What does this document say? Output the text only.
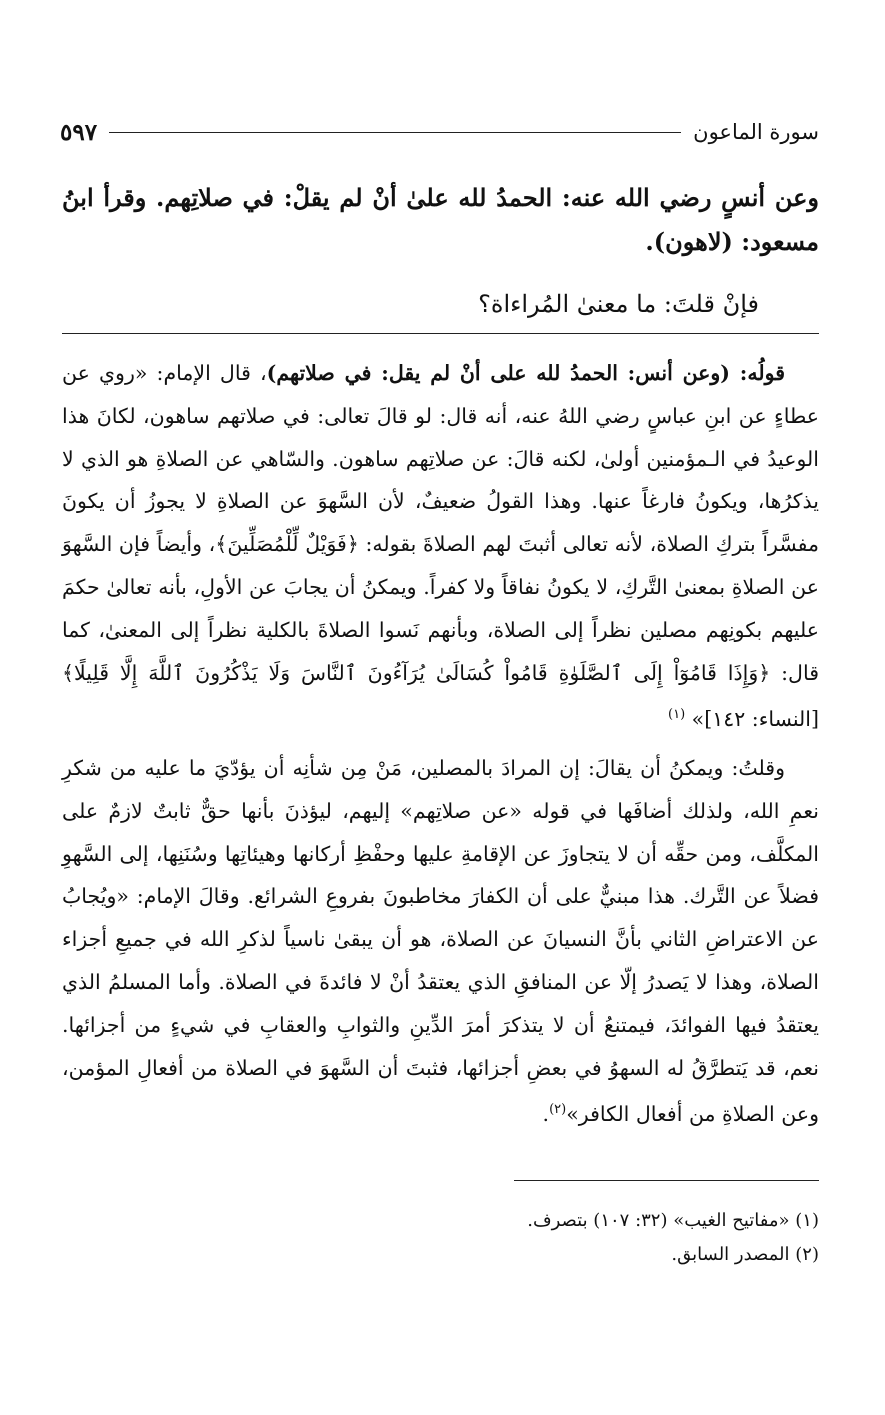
سورة الماعون
٥٩٧

وعن أنسٍ رضي الله عنه: الحمدُ لله علىٰ أنْ لم يقلْ: في صلاتِهم. وقرأ ابنُ مسعود: (لاهون).

فإنْ قلتَ: ما معنىٰ المُراءاة؟

قولُه: (وعن أنس: الحمدُ لله على أنْ لم يقل: في صلاتهم)، قال الإمام: «روي عن عطاءٍ عن ابنِ عباسٍ رضي اللهُ عنه، أنه قال: لو قالَ تعالى: في صلاتهم ساهون، لكانَ هذا الوعيدُ في الـمؤمنين أولىٰ، لكنه قالَ: عن صلاتِهم ساهون. والسّاهي عن الصلاةِ هو الذي لا يذكرُها، ويكونُ فارغاً عنها. وهذا القولُ ضعيفٌ، لأن السَّهوَ عن الصلاةِ لا يجوزُ أن يكونَ مفسَّراً بتركِ الصلاة، لأنه تعالى أثبتَ لهم الصلاةَ بقوله: ﴿فَوَيْلٌ لِّلْمُصَلِّينَ﴾، وأيضاً فإن السَّهوَ عن الصلاةِ بمعنىٰ التَّركِ، لا يكونُ نفاقاً ولا كفراً. ويمكنُ أن يجابَ عن الأولِ، بأنه تعالىٰ حكمَ عليهم بكونِهم مصلين نظراً إلى الصلاة، وبأنهم نَسوا الصلاةَ بالكلية نظراً إلى المعنىٰ، كما قال: ﴿وَإِذَا قَامُوٓاْ إِلَى ٱلصَّلَوٰةِ قَامُواْ كُسَالَىٰ يُرَآءُونَ ٱلنَّاسَ وَلَا يَذْكُرُونَ ٱللَّهَ إِلَّا قَلِيلًا﴾ [النساء: ١٤٢]» $^{(١)}$

وقلتُ: ويمكنُ أن يقالَ: إن المرادَ بالمصلين، مَنْ مِن شأنِه أن يؤدّيَ ما عليه من شكرِ نعمِ الله، ولذلك أضافَها في قوله «عن صلاتِهم» إليهم، ليؤذنَ بأنها حقٌّ ثابتٌ لازمٌ على المكلَّف، ومن حقِّه أن لا يتجاوزَ عن الإقامةِ عليها وحفْظِ أركانها وهيئاتِها وسُنَنِها، إلى السَّهوِ فضلاً عن التَّرك. هذا مبنيٌّ على أن الكفارَ مخاطبونَ بفروعِ الشرائع. وقالَ الإمام: «ويُجابُ عن الاعتراضِ الثاني بأنَّ النسيانَ عن الصلاة، هو أن يبقىٰ ناسياً لذكرِ الله في جميعِ أجزاء الصلاة، وهذا لا يَصدرُ إلّا عن المنافقِ الذي يعتقدُ أنْ لا فائدةَ في الصلاة. وأما المسلمُ الذي يعتقدُ فيها الفوائدَ، فيمتنعُ أن لا يتذكرَ أمرَ الدِّينِ والثوابِ والعقابِ في شيءٍ من أجزائها. نعم، قد يَتطرَّقُ له السهوُ في بعضِ أجزائها، فثبتَ أن السَّهوَ في الصلاة من أفعالِ المؤمن، وعن الصلاةِ من أفعال الكافر»$^{(٢)}$.

(١) «مفاتيح الغيب» (٣٢: ١٠٧) بتصرف.
(٢) المصدر السابق.
